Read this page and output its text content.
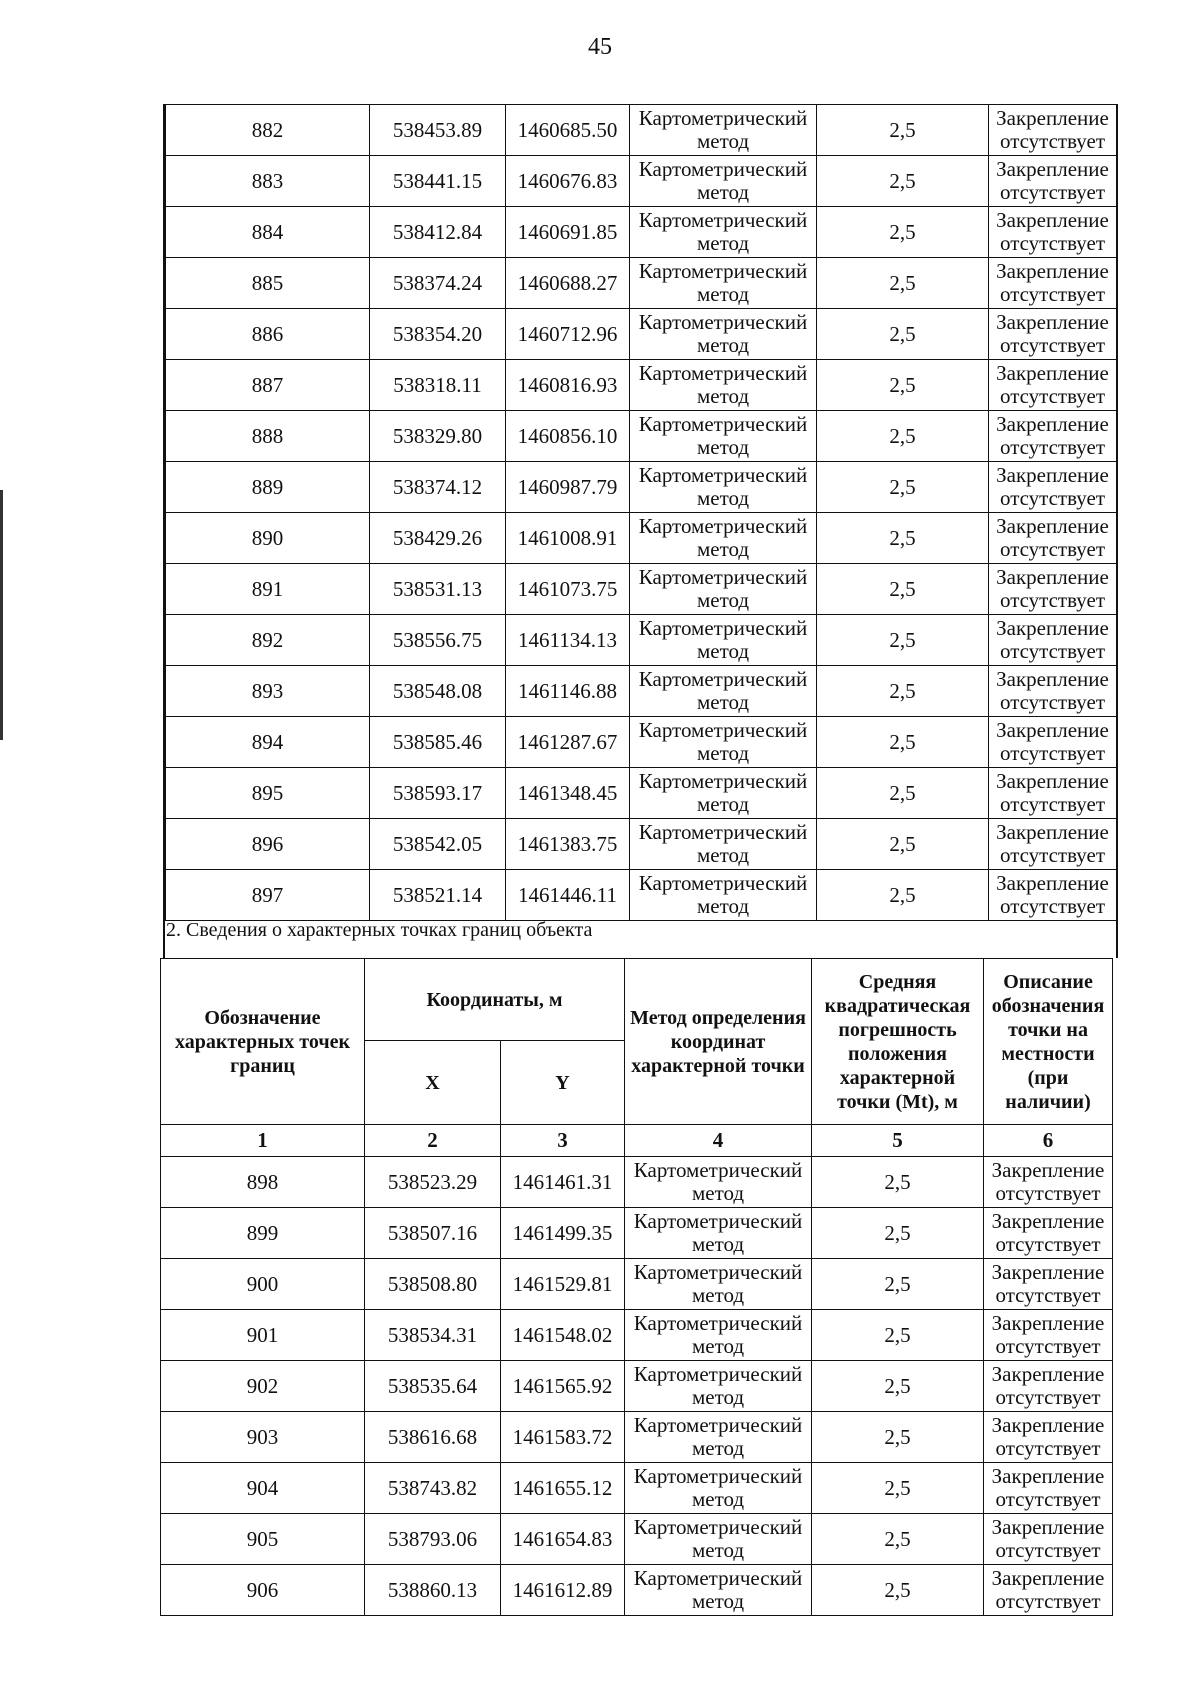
45
882	538453.89	1460685.50	Картометрический метод	2,5	Закрепление отсутствует
883	538441.15	1460676.83	Картометрический метод	2,5	Закрепление отсутствует
884	538412.84	1460691.85	Картометрический метод	2,5	Закрепление отсутствует
885	538374.24	1460688.27	Картометрический метод	2,5	Закрепление отсутствует
886	538354.20	1460712.96	Картометрический метод	2,5	Закрепление отсутствует
887	538318.11	1460816.93	Картометрический метод	2,5	Закрепление отсутствует
888	538329.80	1460856.10	Картометрический метод	2,5	Закрепление отсутствует
889	538374.12	1460987.79	Картометрический метод	2,5	Закрепление отсутствует
890	538429.26	1461008.91	Картометрический метод	2,5	Закрепление отсутствует
891	538531.13	1461073.75	Картометрический метод	2,5	Закрепление отсутствует
892	538556.75	1461134.13	Картометрический метод	2,5	Закрепление отсутствует
893	538548.08	1461146.88	Картометрический метод	2,5	Закрепление отсутствует
894	538585.46	1461287.67	Картометрический метод	2,5	Закрепление отсутствует
895	538593.17	1461348.45	Картометрический метод	2,5	Закрепление отсутствует
896	538542.05	1461383.75	Картометрический метод	2,5	Закрепление отсутствует
897	538521.14	1461446.11	Картометрический метод	2,5	Закрепление отсутствует
2. Сведения о характерных точках границ объекта
Обозначение характерных точек границ	Координаты, м		Метод определения координат характерной точки	Средняя квадратическая погрешность положения характерной точки (Mt), м	Описание обозначения точки на местности (при наличии)
	X	Y			
1	2	3	4	5	6
898	538523.29	1461461.31	Картометрический метод	2,5	Закрепление отсутствует
899	538507.16	1461499.35	Картометрический метод	2,5	Закрепление отсутствует
900	538508.80	1461529.81	Картометрический метод	2,5	Закрепление отсутствует
901	538534.31	1461548.02	Картометрический метод	2,5	Закрепление отсутствует
902	538535.64	1461565.92	Картометрический метод	2,5	Закрепление отсутствует
903	538616.68	1461583.72	Картометрический метод	2,5	Закрепление отсутствует
904	538743.82	1461655.12	Картометрический метод	2,5	Закрепление отсутствует
905	538793.06	1461654.83	Картометрический метод	2,5	Закрепление отсутствует
906	538860.13	1461612.89	Картометрический метод	2,5	Закрепление отсутствует
